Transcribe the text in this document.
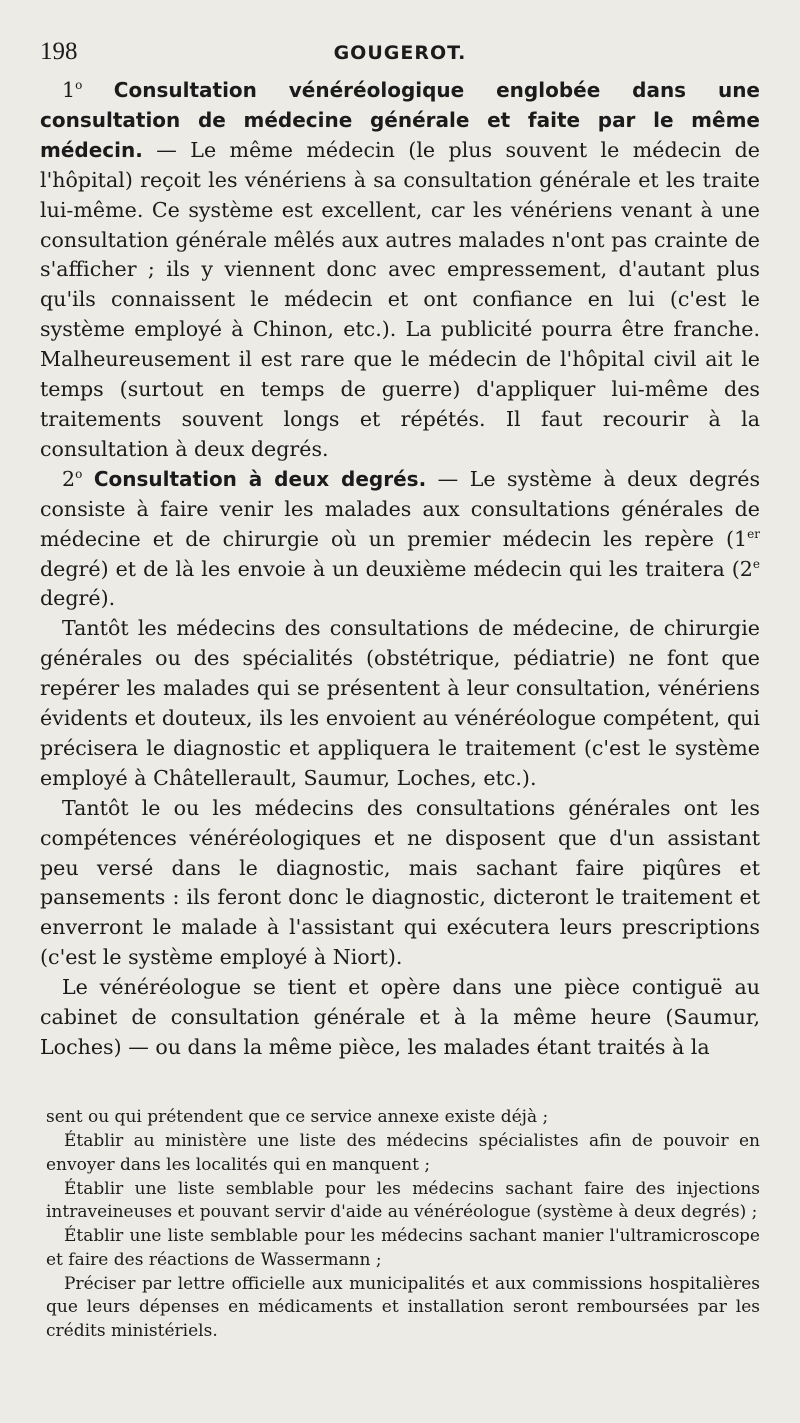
198	GOUGEROT.

1$^o$ Consultation vénéréologique englobée dans une consultation de médecine générale et faite par le même médecin. — Le même médecin (le plus souvent le médecin de l'hôpital) reçoit les vénériens à sa consultation générale et les traite lui-même. Ce système est excellent, car les vénériens venant à une consultation générale mêlés aux autres malades n'ont pas crainte de s'afficher ; ils y viennent donc avec empressement, d'autant plus qu'ils connaissent le médecin et ont confiance en lui (c'est le système employé à Chinon, etc.). La publicité pourra être franche. Malheureusement il est rare que le médecin de l'hôpital civil ait le temps (surtout en temps de guerre) d'appliquer lui-même des traitements souvent longs et répétés. Il faut recourir à la consultation à deux degrés.

2$^o$ Consultation à deux degrés. — Le système à deux degrés consiste à faire venir les malades aux consultations générales de médecine et de chirurgie où un premier médecin les repère (1er degré) et de là les envoie à un deuxième médecin qui les traitera (2e degré).

Tantôt les médecins des consultations de médecine, de chirurgie générales ou des spécialités (obstétrique, pédiatrie) ne font que repérer les malades qui se présentent à leur consultation, vénériens évidents et douteux, ils les envoient au vénéréologue compétent, qui précisera le diagnostic et appliquera le traitement (c'est le système employé à Châtellerault, Saumur, Loches, etc.).

Tantôt le ou les médecins des consultations générales ont les compétences vénéréologiques et ne disposent que d'un assistant peu versé dans le diagnostic, mais sachant faire piqûres et pansements : ils feront donc le diagnostic, dicteront le traitement et enverront le malade à l'assistant qui exécutera leurs prescriptions (c'est le système employé à Niort).

Le vénéréologue se tient et opère dans une pièce contiguë au cabinet de consultation générale et à la même heure (Saumur, Loches) — ou dans la même pièce, les malades étant traités à la

sent ou qui prétendent que ce service annexe existe déjà ;

Établir au ministère une liste des médecins spécialistes afin de pouvoir en envoyer dans les localités qui en manquent ;

Établir une liste semblable pour les médecins sachant faire des injections intraveineuses et pouvant servir d'aide au vénéréologue (système à deux degrés) ;

Établir une liste semblable pour les médecins sachant manier l'ultramicroscope et faire des réactions de Wassermann ;

Préciser par lettre officielle aux municipalités et aux commissions hospitalières que leurs dépenses en médicaments et installation seront remboursées par les crédits ministériels.
